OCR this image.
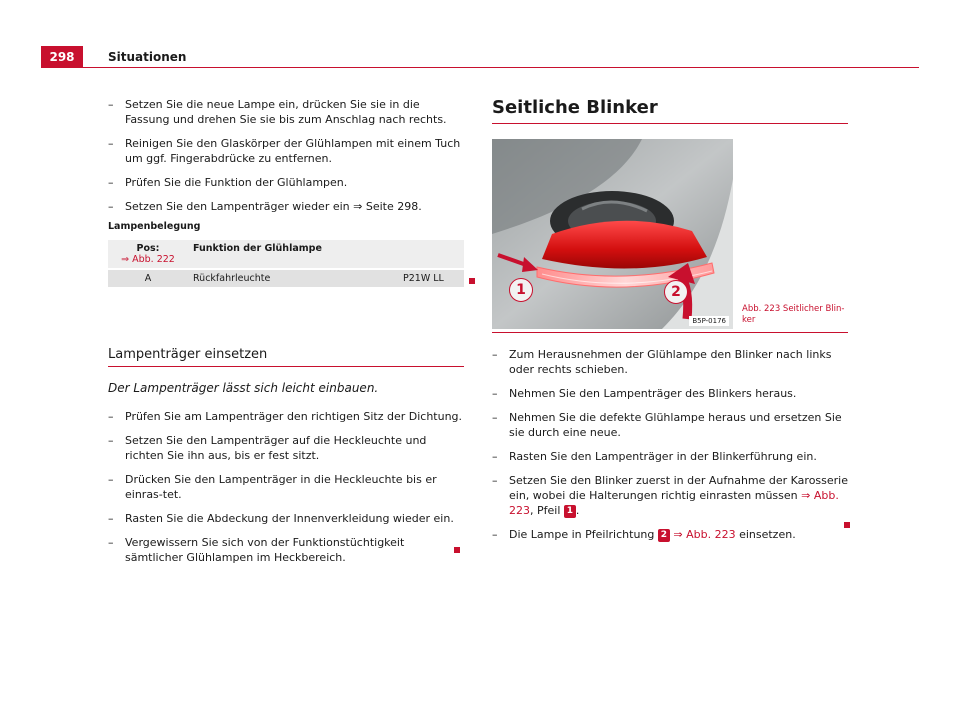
298	Situationen
– Setzen Sie die neue Lampe ein, drücken Sie sie in die Fassung und drehen Sie sie bis zum Anschlag nach rechts.
– Reinigen Sie den Glaskörper der Glühlampen mit einem Tuch um ggf. Fingerabdrücke zu entfernen.
– Prüfen Sie die Funktion der Glühlampen.
– Setzen Sie den Lampenträger wieder ein ⇒ Seite 298.
Lampenbelegung
Pos:
⇒ Abb. 222	Funktion der Glühlampe	
A	Rückfahrleuchte	P21W LL
Lampenträger einsetzen
Der Lampenträger lässt sich leicht einbauen.
– Prüfen Sie am Lampenträger den richtigen Sitz der Dichtung.
– Setzen Sie den Lampenträger auf die Heckleuchte und richten Sie ihn aus, bis er fest sitzt.
– Drücken Sie den Lampenträger in die Heckleuchte bis er einras-tet.
– Rasten Sie die Abdeckung der Innenverkleidung wieder ein.
– Vergewissern Sie sich von der Funktionstüchtigkeit sämtlicher Glühlampen im Heckbereich.
Seitliche Blinker
1	2
B5P-0176
Abb. 223 Seitlicher Blin-ker
– Zum Herausnehmen der Glühlampe den Blinker nach links oder rechts schieben.
– Nehmen Sie den Lampenträger des Blinkers heraus.
– Nehmen Sie die defekte Glühlampe heraus und ersetzen Sie sie durch eine neue.
– Rasten Sie den Lampenträger in der Blinkerführung ein.
– Setzen Sie den Blinker zuerst in der Aufnahme der Karosserie ein, wobei die Halterungen richtig einrasten müssen ⇒ Abb. 223, Pfeil 1 .
– Die Lampe in Pfeilrichtung 2 ⇒ Abb. 223 einsetzen.
